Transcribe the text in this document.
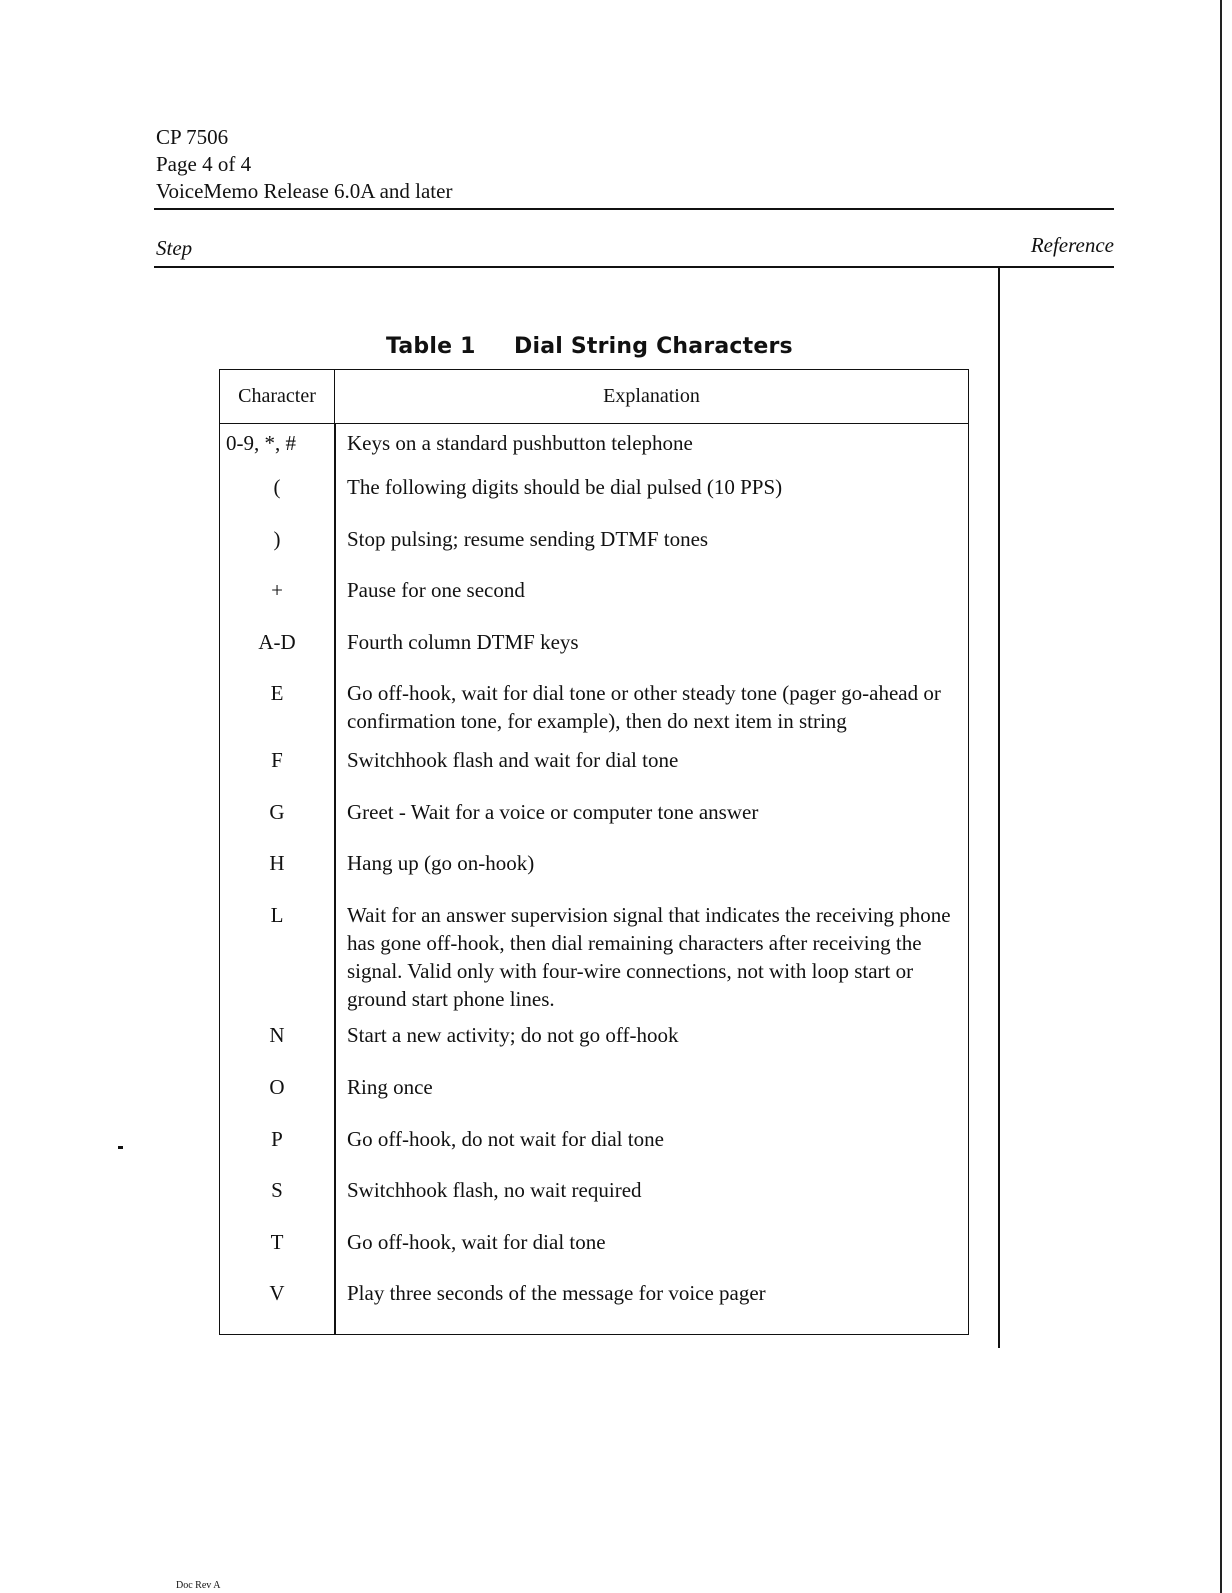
CP 7506
Page 4 of 4
VoiceMemo Release 6.0A and later
Step	Reference
Table 1 Dial String Characters
Character	Explanation
0-9, *, #	Keys on a standard pushbutton telephone
(	The following digits should be dial pulsed (10 PPS)
)	Stop pulsing; resume sending DTMF tones
+	Pause for one second
A-D	Fourth column DTMF keys
E	Go off-hook, wait for dial tone or other steady tone (pager go-ahead or confirmation tone, for example), then do next item in string
F	Switchhook flash and wait for dial tone
G	Greet - Wait for a voice or computer tone answer
H	Hang up (go on-hook)
L	Wait for an answer supervision signal that indicates the receiving phone has gone off-hook, then dial remaining characters after receiving the signal. Valid only with four-wire connections, not with loop start or ground start phone lines.
N	Start a new activity; do not go off-hook
O	Ring once
P	Go off-hook, do not wait for dial tone
S	Switchhook flash, no wait required
T	Go off-hook, wait for dial tone
V	Play three seconds of the message for voice pager
Doc Rev A
